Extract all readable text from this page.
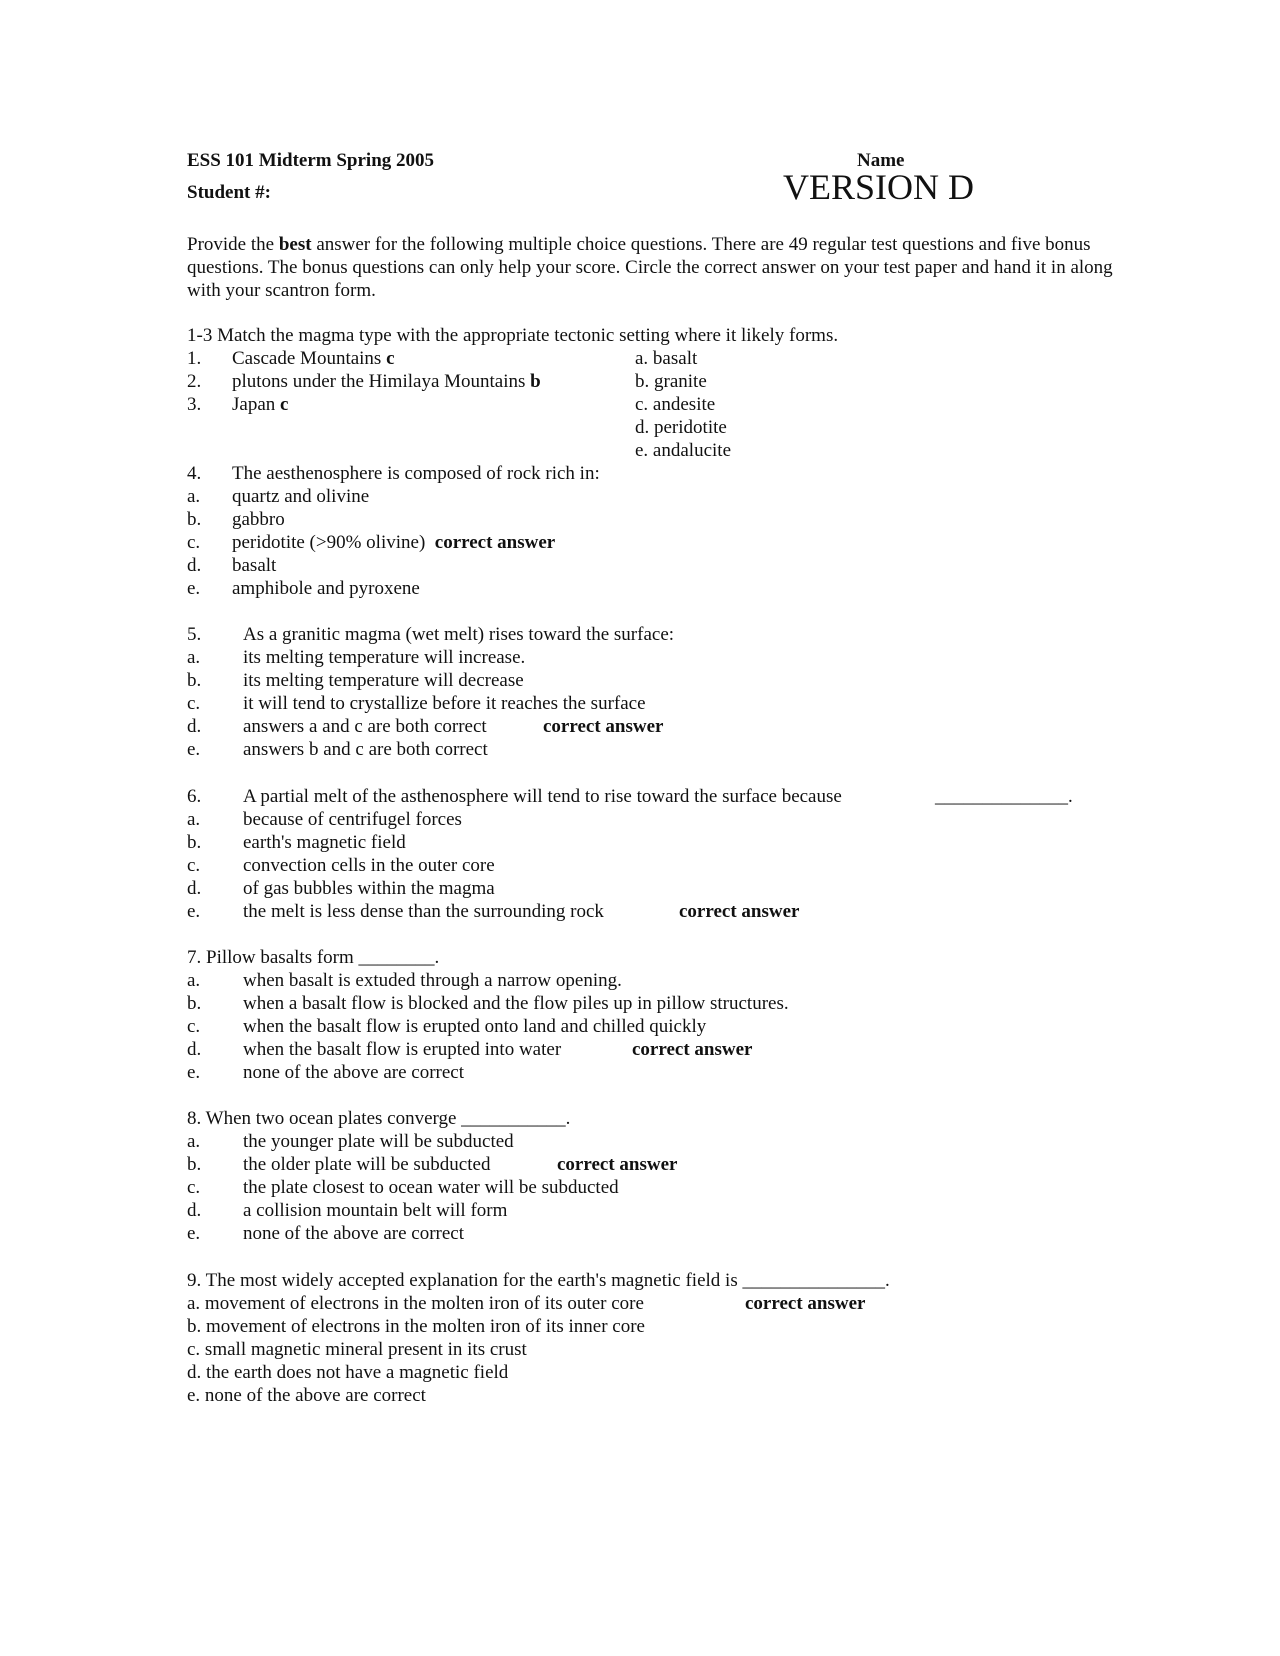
ESS 101 Midterm Spring 2005	Name
Student #:	VERSION D
Provide the best answer for the following multiple choice questions. There are 49 regular test questions and five bonus questions. The bonus questions can only help your score. Circle the correct answer on your test paper and hand it in along with your scantron form.
1-3 Match the magma type with the appropriate tectonic setting where it likely forms.
1. Cascade Mountains c
2. plutons under the Himilaya Mountains b
3. Japan c
a. basalt
b. granite
c. andesite
d. peridotite
e. andalucite
4. The aesthenosphere is composed of rock rich in:
a. quartz and olivine
b. gabbro
c. peridotite (>90% olivine) correct answer
d. basalt
e. amphibole and pyroxene
5. As a granitic magma (wet melt) rises toward the surface:
a. its melting temperature will increase.
b. its melting temperature will decrease
c. it will tend to crystallize before it reaches the surface
d. answers a and c are both correct	correct answer
e. answers b and c are both correct
6. A partial melt of the asthenosphere will tend to rise toward the surface because	______________.
a. because of centrifugel forces
b. earth's magnetic field
c. convection cells in the outer core
d. of gas bubbles within the magma
e. the melt is less dense than the surrounding rock	correct answer
7. Pillow basalts form ________.
a. when basalt is extuded through a narrow opening.
b. when a basalt flow is blocked and the flow piles up in pillow structures.
c. when the basalt flow is erupted onto land and chilled quickly
d. when the basalt flow is erupted into water	correct answer
e. none of the above are correct
8. When two ocean plates converge ___________.
a. the younger plate will be subducted
b. the older plate will be subducted	correct answer
c. the plate closest to ocean water will be subducted
d. a collision mountain belt will form
e. none of the above are correct
9. The most widely accepted explanation for the earth's magnetic field is _______________.
a. movement of electrons in the molten iron of its outer core	correct answer
b. movement of electrons in the molten iron of its inner core
c. small magnetic mineral present in its crust
d. the earth does not have a magnetic field
e. none of the above are correct
